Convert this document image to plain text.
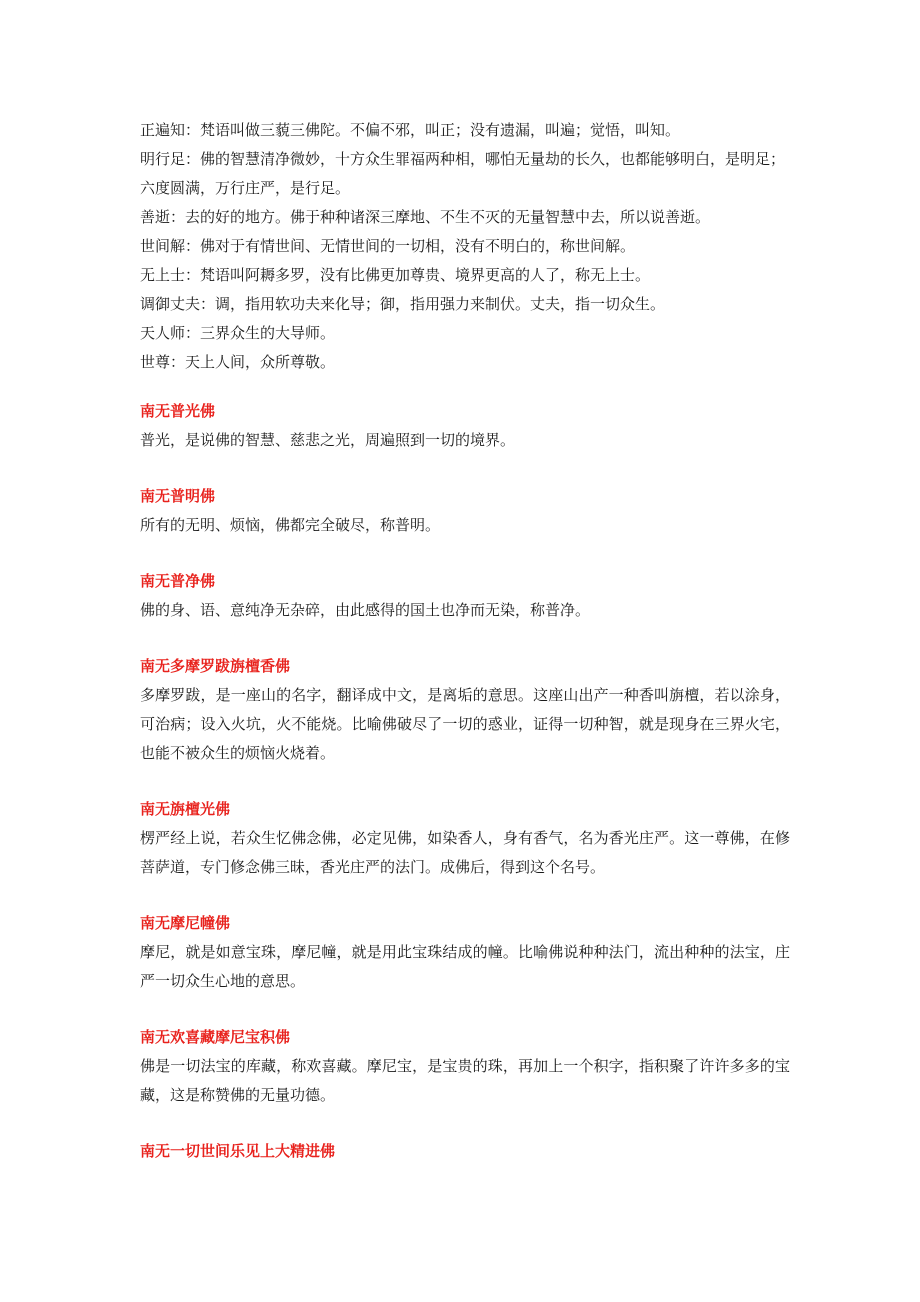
正遍知：梵语叫做三藐三佛陀。不偏不邪，叫正；没有遗漏，叫遍；觉悟，叫知。

明行足：佛的智慧清净微妙，十方众生罪福两种相，哪怕无量劫的长久，也都能够明白，是明足；六度圆满，万行庄严，是行足。

善逝：去的好的地方。佛于种种诸深三摩地、不生不灭的无量智慧中去，所以说善逝。

世间解：佛对于有情世间、无情世间的一切相，没有不明白的，称世间解。

无上士：梵语叫阿耨多罗，没有比佛更加尊贵、境界更高的人了，称无上士。

调御丈夫：调，指用软功夫来化导；御，指用强力来制伏。丈夫，指一切众生。

天人师：三界众生的大导师。

世尊：天上人间，众所尊敬。

南无普光佛

普光，是说佛的智慧、慈悲之光，周遍照到一切的境界。

南无普明佛

所有的无明、烦恼，佛都完全破尽，称普明。

南无普净佛

佛的身、语、意纯净无杂碎，由此感得的国土也净而无染，称普净。

南无多摩罗跋旃檀香佛

多摩罗跋，是一座山的名字，翻译成中文，是离垢的意思。这座山出产一种香叫旃檀，若以涂身，可治病；设入火坑，火不能烧。比喻佛破尽了一切的惑业，证得一切种智，就是现身在三界火宅，也能不被众生的烦恼火烧着。

南无旃檀光佛

楞严经上说，若众生忆佛念佛，必定见佛，如染香人，身有香气，名为香光庄严。这一尊佛，在修菩萨道，专门修念佛三昧，香光庄严的法门。成佛后，得到这个名号。

南无摩尼幢佛

摩尼，就是如意宝珠，摩尼幢，就是用此宝珠结成的幢。比喻佛说种种法门，流出种种的法宝，庄严一切众生心地的意思。

南无欢喜藏摩尼宝积佛

佛是一切法宝的库藏，称欢喜藏。摩尼宝，是宝贵的珠，再加上一个积字，指积聚了许许多多的宝藏，这是称赞佛的无量功德。

南无一切世间乐见上大精进佛
